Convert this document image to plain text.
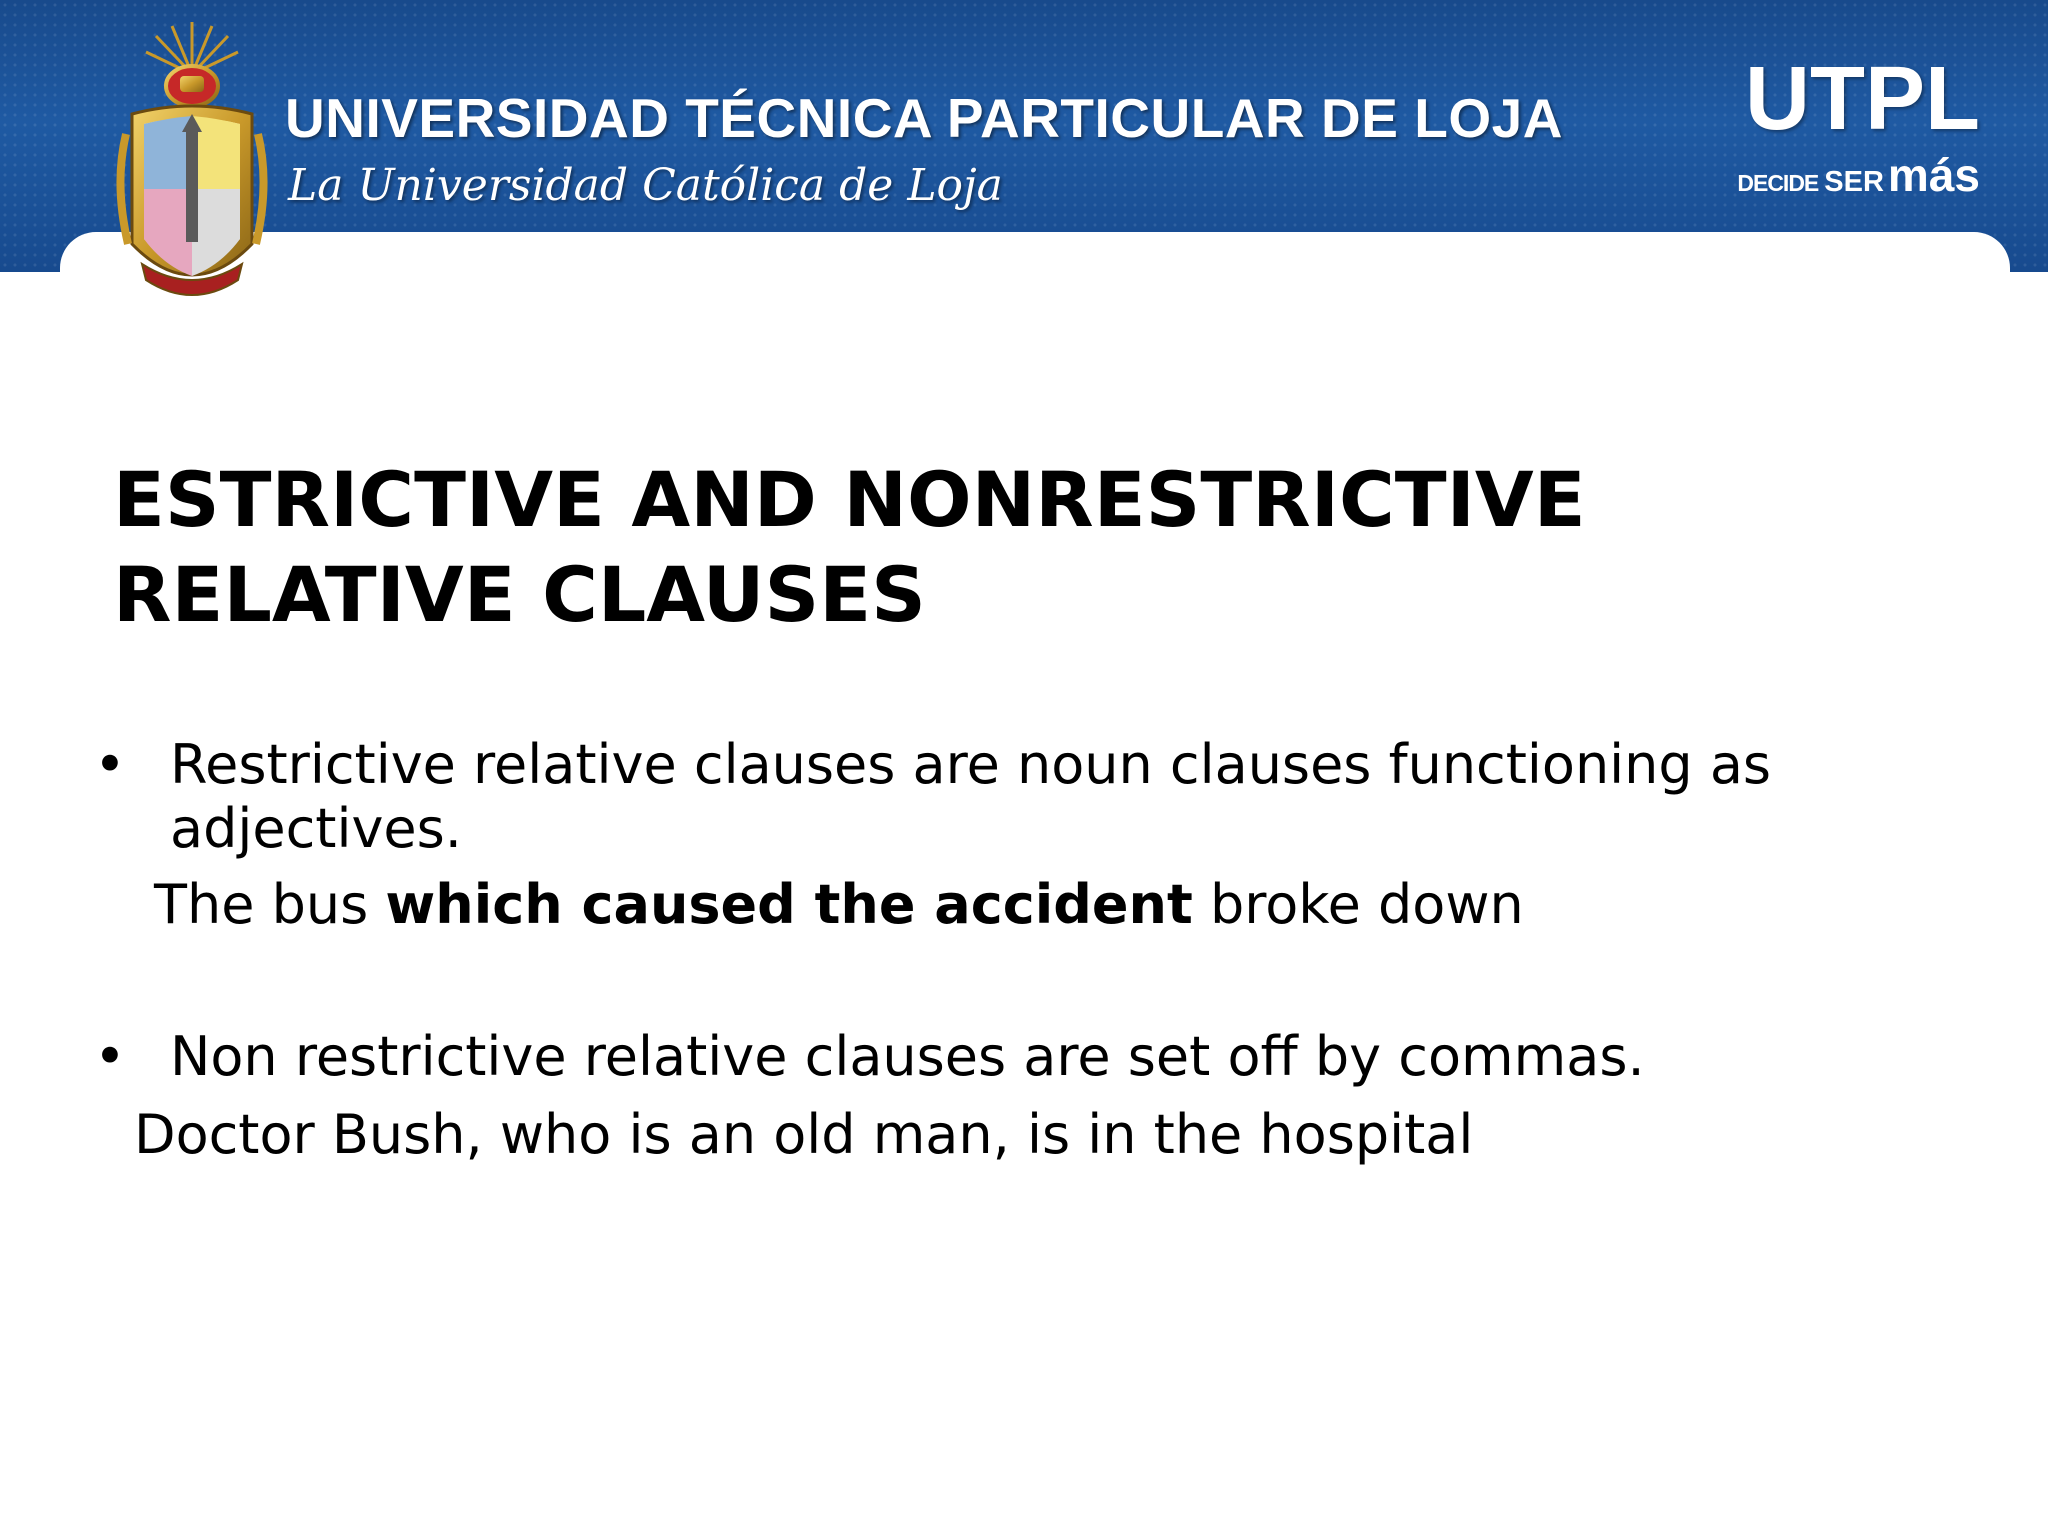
UNIVERSIDAD TÉCNICA PARTICULAR DE LOJA
La Universidad Católica de Loja
UTPL
DECIDE SERmás
ESTRICTIVE AND NONRESTRICTIVE RELATIVE CLAUSES
• Restrictive relative clauses are noun clauses functioning as adjectives.
The bus which caused the accident broke down
• Non restrictive relative clauses are set off by commas.
Doctor Bush, who is an old man, is in the hospital
